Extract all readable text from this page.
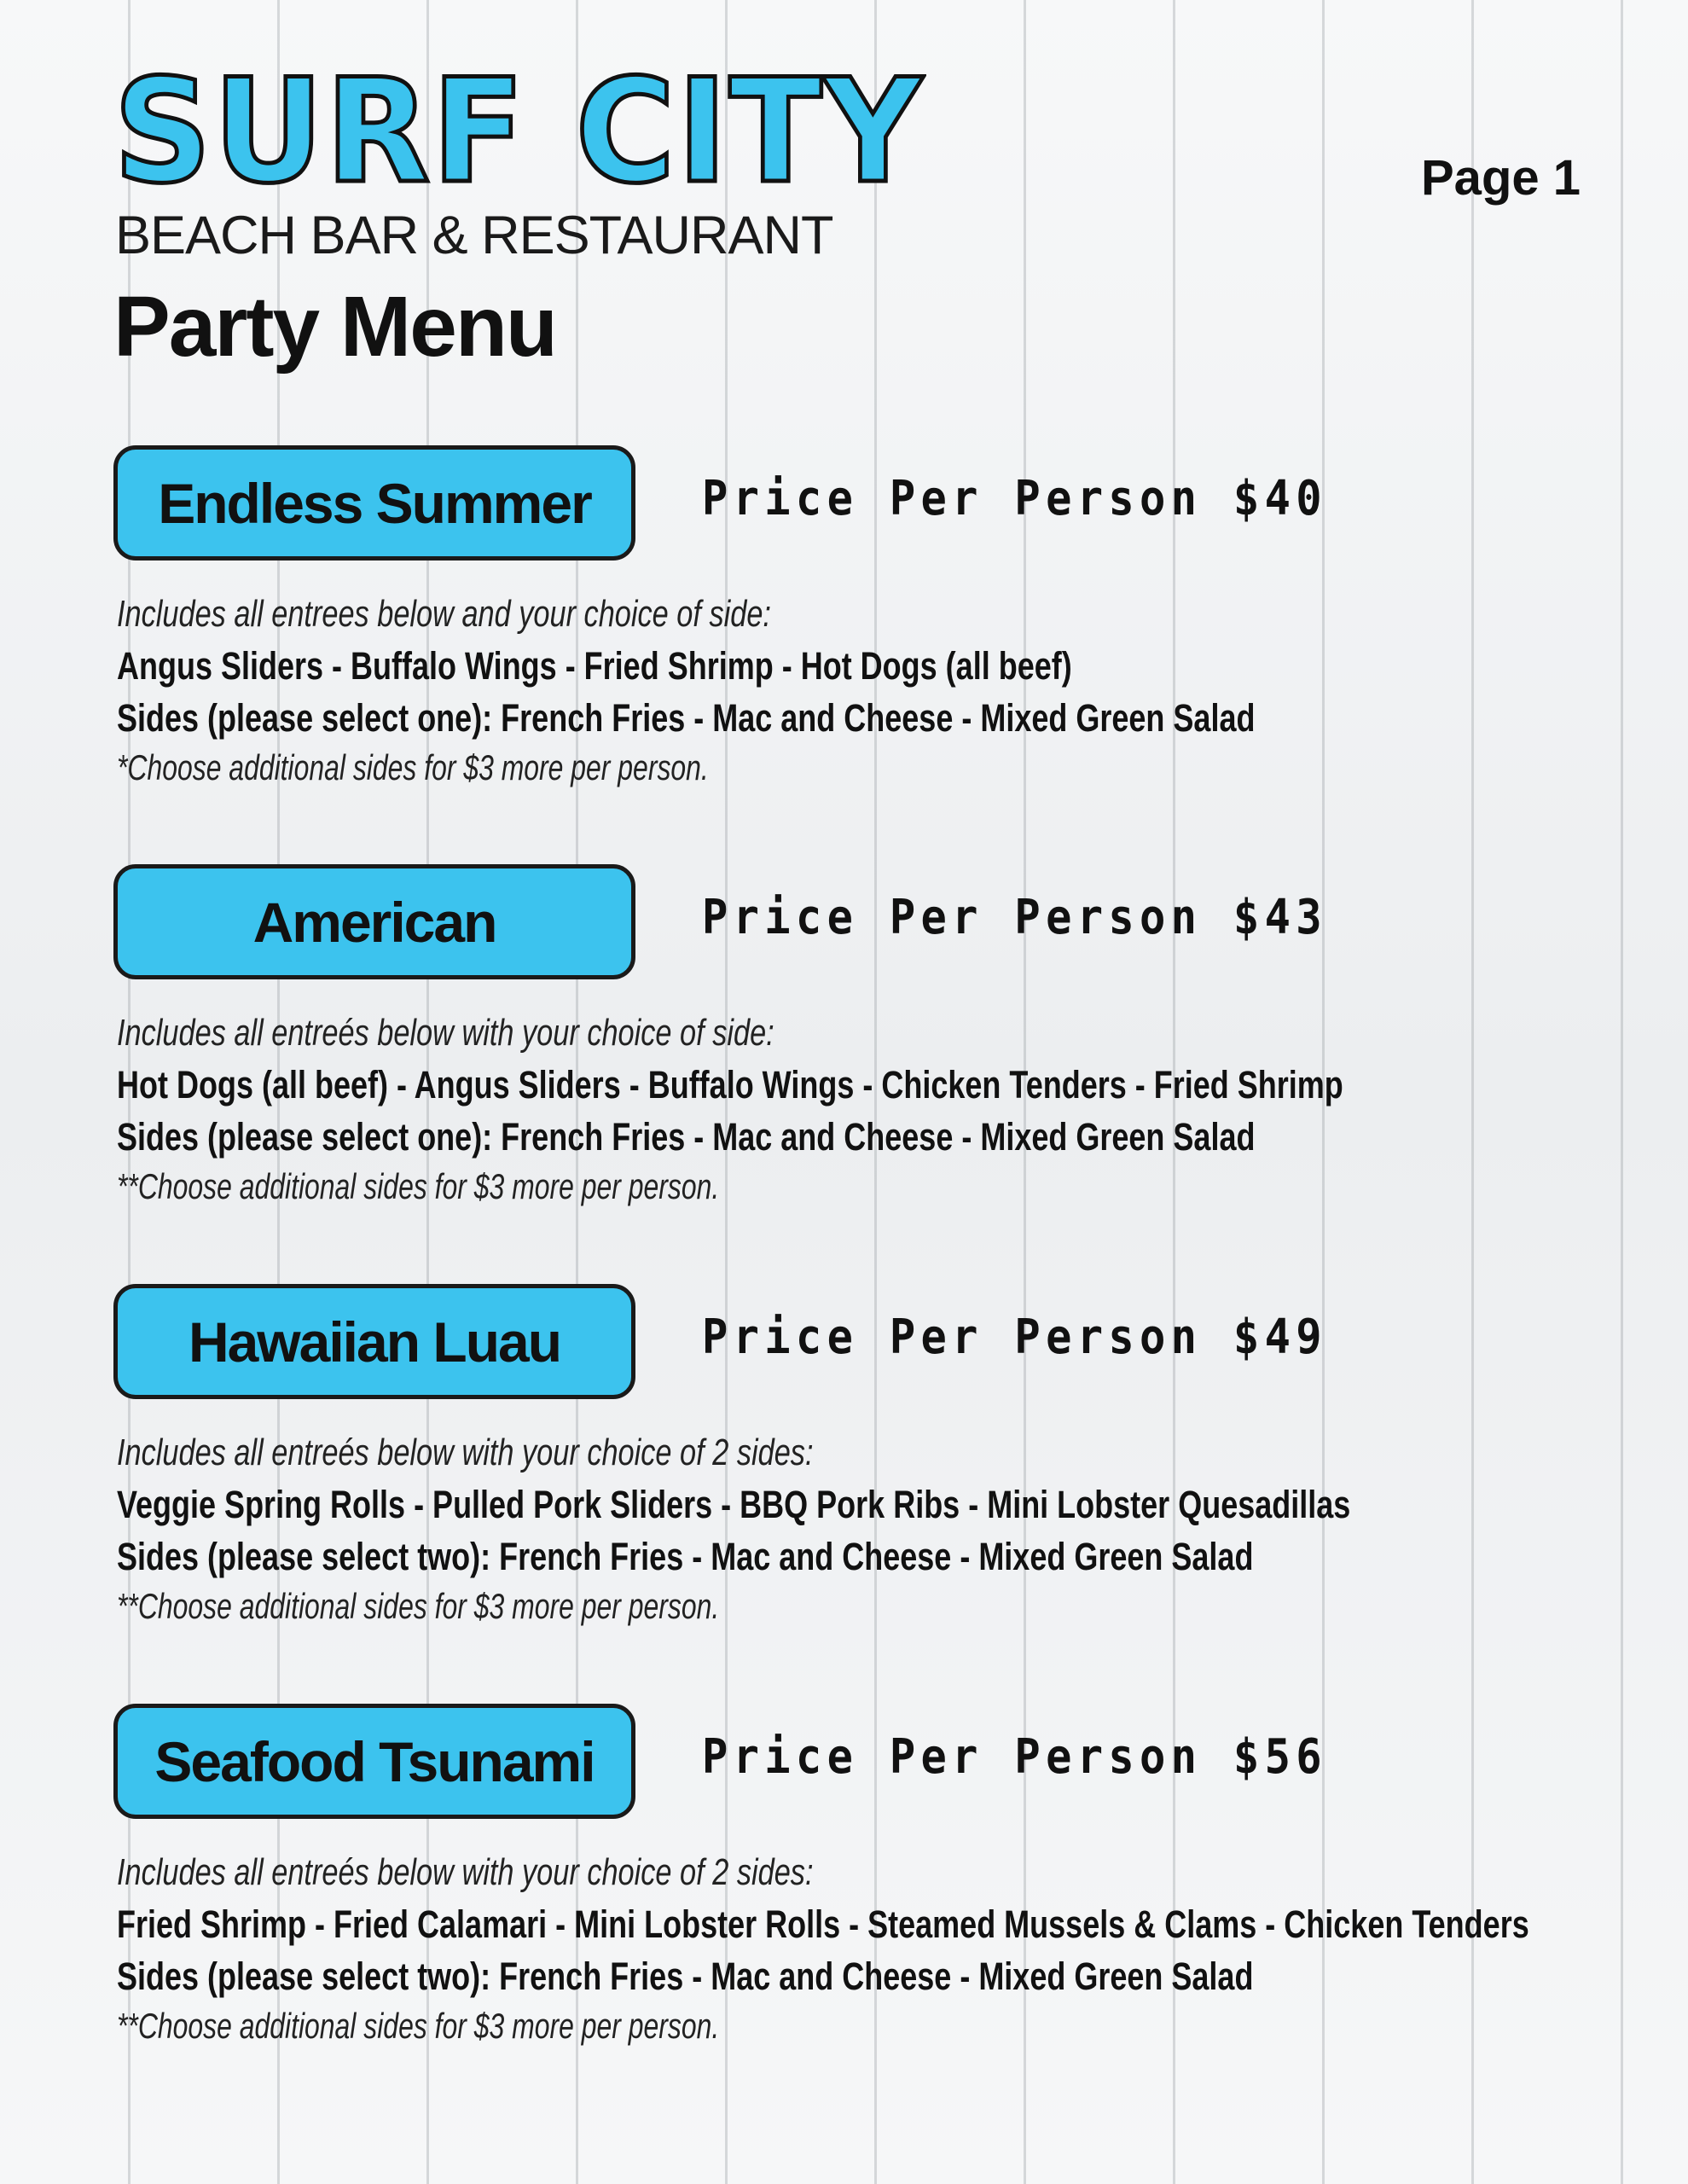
SURF CITY
BEACH BAR & RESTAURANT
Party Menu
Page 1
Endless Summer	Price Per Person $40
Includes all entrees below and your choice of side:
Angus Sliders - Buffalo Wings - Fried Shrimp - Hot Dogs (all beef)
Sides (please select one): French Fries - Mac and Cheese - Mixed Green Salad
*Choose additional sides for $3 more per person.
American	Price Per Person $43
Includes all entreés below with your choice of side:
Hot Dogs (all beef) - Angus Sliders - Buffalo Wings - Chicken Tenders - Fried Shrimp
Sides (please select one): French Fries - Mac and Cheese - Mixed Green Salad
**Choose additional sides for $3 more per person.
Hawaiian Luau	Price Per Person $49
Includes all entreés below with your choice of 2 sides:
Veggie Spring Rolls - Pulled Pork Sliders - BBQ Pork Ribs - Mini Lobster Quesadillas
Sides (please select two): French Fries - Mac and Cheese - Mixed Green Salad
**Choose additional sides for $3 more per person.
Seafood Tsunami	Price Per Person $56
Includes all entreés below with your choice of 2 sides:
Fried Shrimp - Fried Calamari - Mini Lobster Rolls - Steamed Mussels & Clams - Chicken Tenders
Sides (please select two): French Fries - Mac and Cheese - Mixed Green Salad
**Choose additional sides for $3 more per person.
